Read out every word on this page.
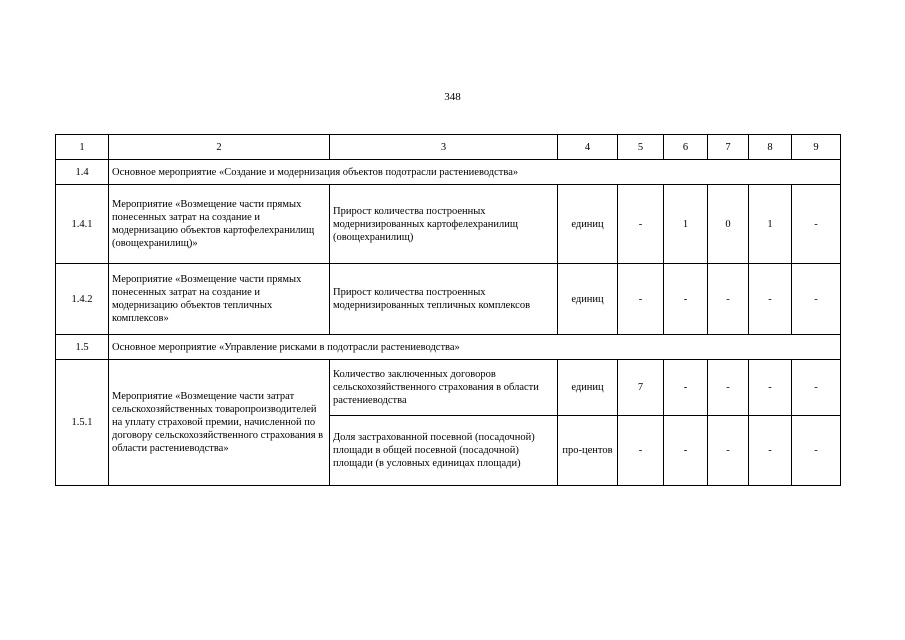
348
1	2	3	4	5	6	7	8	9
1.4	Основное мероприятие «Создание и модернизация объектов подотрасли растениеводства»							
1.4.1	Мероприятие «Возмещение части прямых понесенных затрат на создание и модернизацию объектов картофелехранилищ (овощехранилищ)»	Прирост количества построенных модернизированных картофелехранилищ (овощехранилищ)	единиц	-	1	0	1	-
1.4.2	Мероприятие «Возмещение части прямых понесенных затрат на создание и модернизацию объектов тепличных комплексов»	Прирост количества построенных модернизированных тепличных комплексов	единиц	-	-	-	-	-
1.5	Основное мероприятие «Управление рисками в подотрасли растениеводства»							
1.5.1	Мероприятие «Возмещение части затрат сельскохозяйственных товаропроизводителей на уплату страховой премии, начисленной по договору сельскохозяйственного страхования в области растениеводства»	Количество заключенных договоров сельскохозяйственного страхования в области растениеводства	единиц	7	-	-	-	-
		Доля застрахованной посевной (посадочной) площади в общей посевной (посадочной) площади (в условных единицах площади)	про-центов	-	-	-	-	-
